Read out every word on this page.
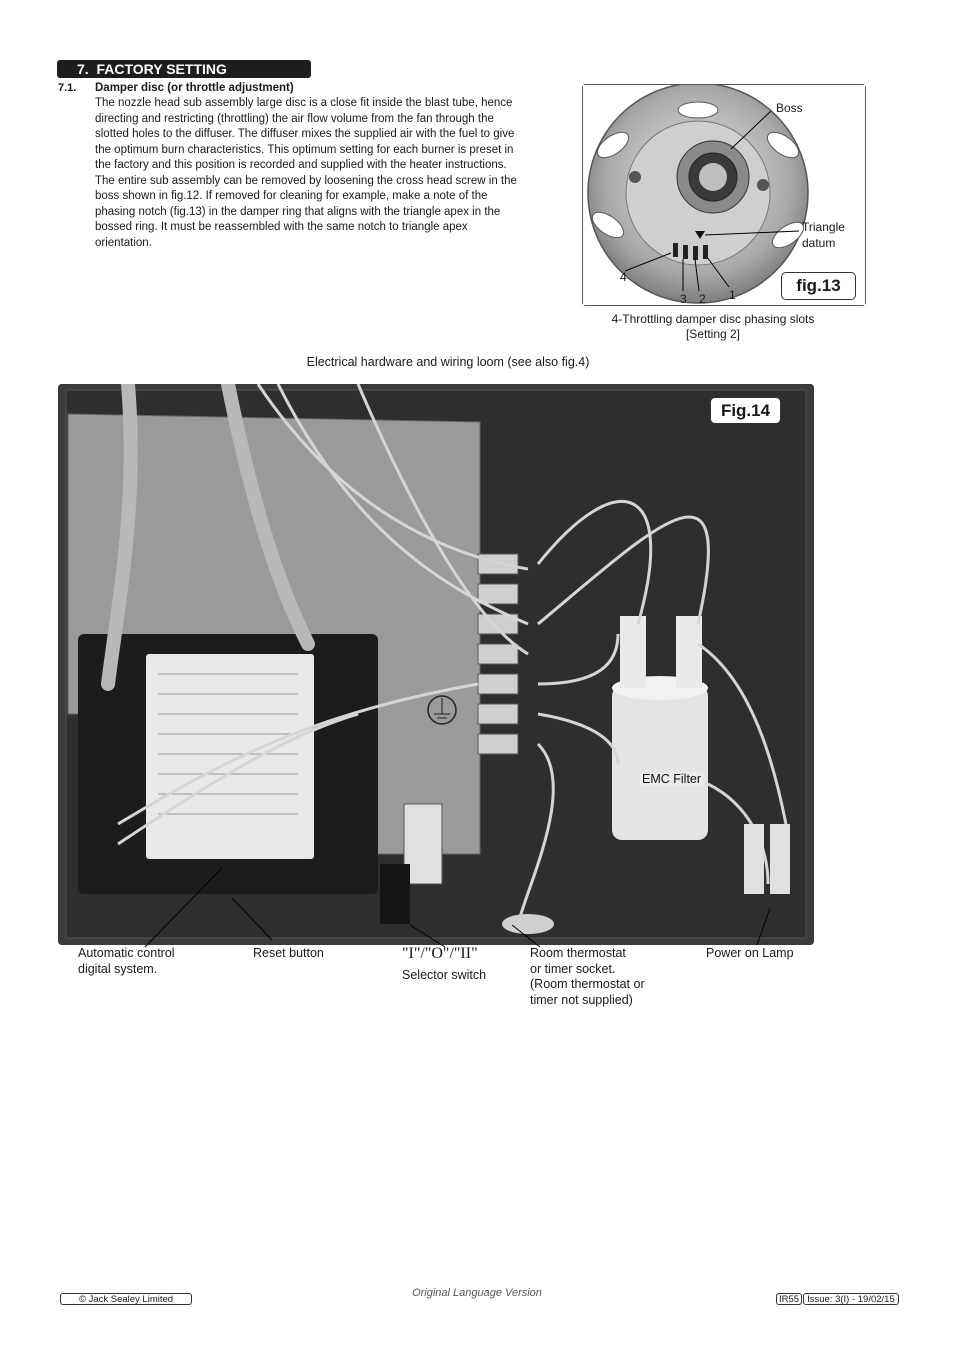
7. FACTORY SETTING
7.1. Damper disc (or throttle adjustment)

The nozzle head sub assembly large disc is a close fit inside the blast tube, hence directing and restricting (throttling) the air flow volume from the fan through the slotted holes to the diffuser. The diffuser mixes the supplied air with the fuel to give the optimum burn characteristics. This optimum setting for each burner is preset in the factory and this position is recorded and supplied with the heater instructions. The entire sub assembly can be removed by loosening the cross head screw in the boss shown in fig.12. If removed for cleaning for example, make a note of the phasing notch (fig.13) in the damper ring that aligns with the triangle apex in the bossed ring. It must be reassembled with the same notch to triangle apex orientation.

Boss
Triangle
datum
4
3 2 1	fig.13
4-Throttling damper disc phasing slots
[Setting 2]
Electrical hardware and wiring loom (see also fig.4)
Fig.14
EMC Filter
Automatic control
digital system.
Reset button	"I"/"O"/"II"
Selector switch
Room thermostat
or timer socket.
(Room thermostat or
timer not supplied)
Power on Lamp
© Jack Sealey Limited
Original Language Version
IR55 Issue: 3(I) - 19/02/15
